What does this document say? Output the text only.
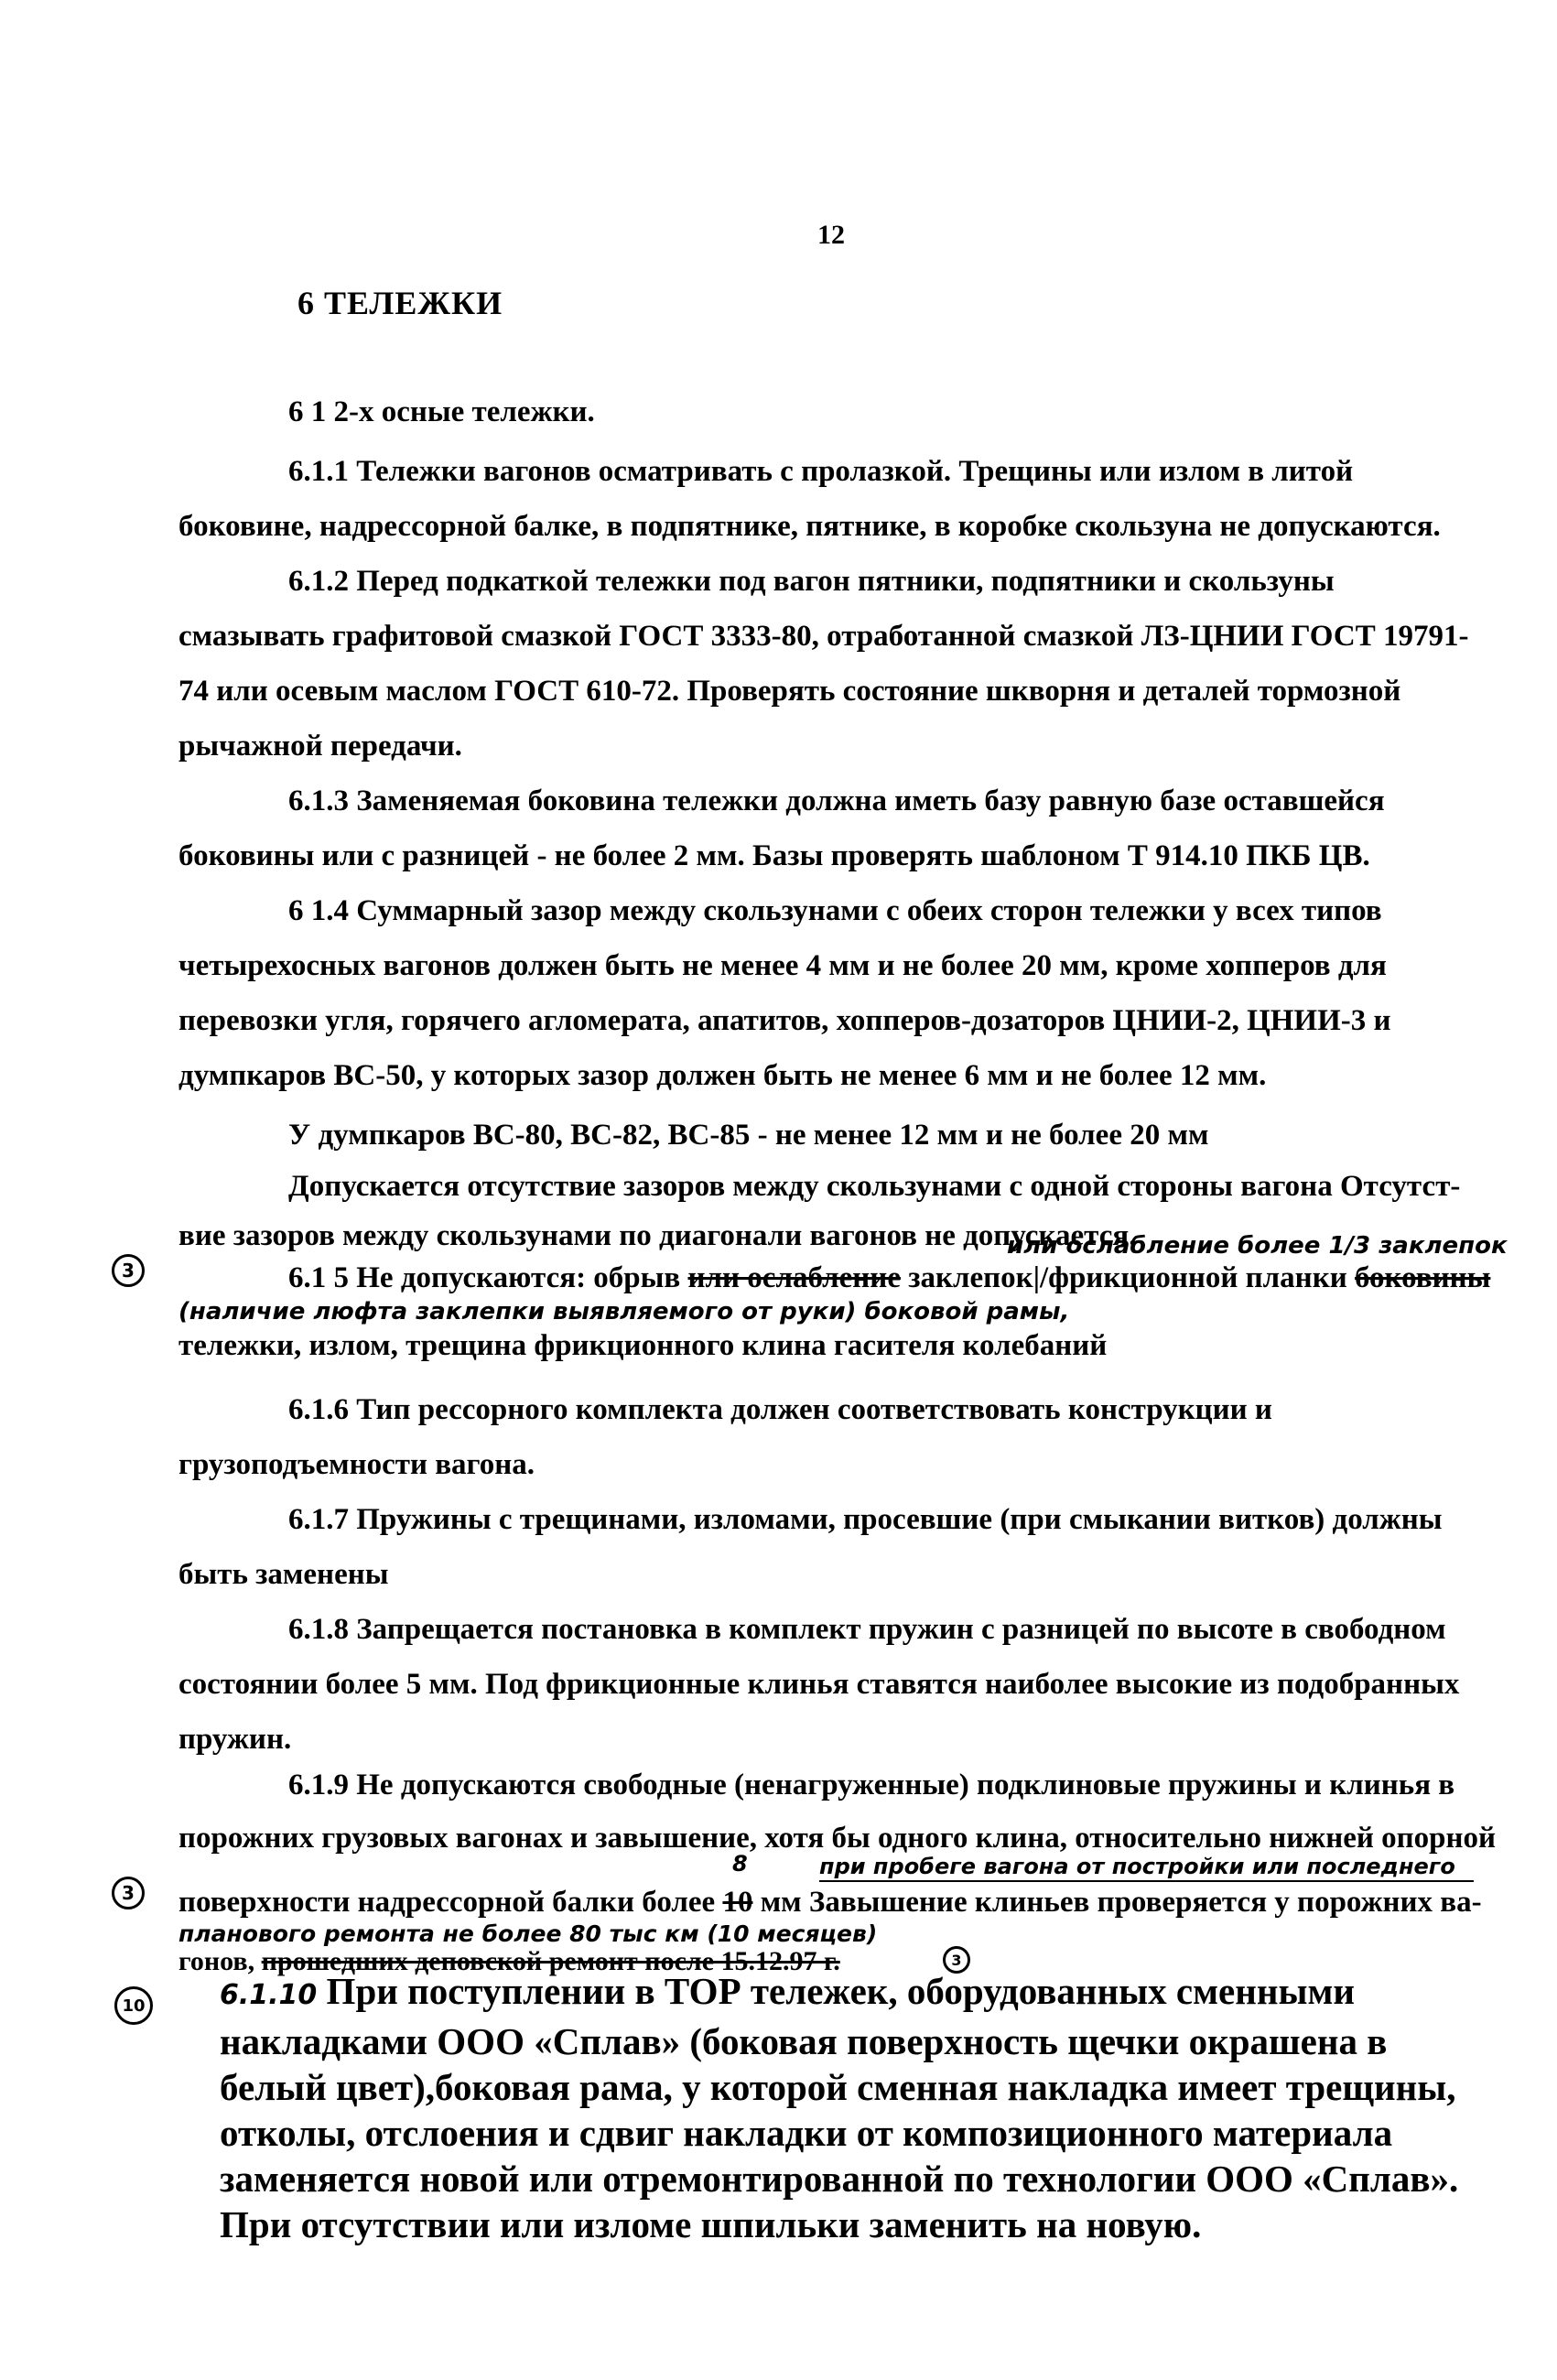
12
6 ТЕЛЕЖКИ
6 1 2-х осные тележки.
6.1.1 Тележки вагонов осматривать с пролазкой. Трещины или излом в литой боковине, надрессорной балке, в подпятнике, пятнике, в коробке скользуна не допускаются.
6.1.2 Перед подкаткой тележки под вагон пятники, подпятники и скользуны смазывать графитовой смазкой ГОСТ 3333-80, отработанной смазкой ЛЗ-ЦНИИ ГОСТ 19791-74 или осевым маслом ГОСТ 610-72. Проверять состояние шкворня и деталей тормозной рычажной передачи.
6.1.3 Заменяемая боковина тележки должна иметь базу равную базе оставшейся боковины или с разницей - не более 2 мм. Базы проверять шаблоном Т 914.10 ПКБ ЦВ.
6 1.4 Суммарный зазор между скользунами с обеих сторон тележки у всех типов четырехосных вагонов должен быть не менее 4 мм и не более 20 мм, кроме хопперов для перевозки угля, горячего агломерата, апатитов, хопперов-дозаторов ЦНИИ-2, ЦНИИ-3 и думпкаров ВС-50, у которых зазор должен быть не менее 6 мм и не более 12 мм.
У думпкаров ВС-80, ВС-82, ВС-85 - не менее 12 мм и не более 20 мм
Допускается отсутствие зазоров между скользунами с одной стороны вагона Отсутст-
вие зазоров между скользунами по диагонали вагонов не допускается.
3
или ослабление более 1/3 заклепок
6.1 5 Не допускаются: обрыв или ослабление заклепок|/фрикционной планки боковины
(наличие люфта заклепки выявляемого от руки) боковой рамы,
тележки, излом, трещина фрикционного клина гасителя колебаний
6.1.6 Тип рессорного комплекта должен соответствовать конструкции и грузоподъемности вагона.
6.1.7 Пружины с трещинами, изломами, просевшие (при смыкании витков) должны быть заменены
6.1.8 Запрещается постановка в комплект пружин с разницей по высоте в свободном состоянии более 5 мм. Под фрикционные клинья ставятся наиболее высокие из подобранных пружин.
6.1.9 Не допускаются свободные (ненагруженные) подклиновые пружины и клинья в
порожних грузовых вагонах и завышение, хотя бы одного клина, относительно нижней опорной
8	при пробеге вагона от постройки или последнего
3	поверхности надрессорной балки более 10 мм Завышение клиньев проверяется у порожних ва-
планового ремонта не более 80 тыс км (10 месяцев)
гонов, прошедших деповской ремонт после 15.12.97 г.	3
10	6.1.10 При поступлении в ТОР тележек, оборудованных сменными накладками ООО «Сплав» (боковая поверхность щечки окрашена в белый цвет),боковая рама, у которой сменная накладка имеет трещины, отколы, отслоения и сдвиг накладки от композиционного материала заменяется новой или отремонтированной по технологии ООО «Сплав». При отсутствии или изломе шпильки заменить на новую.
